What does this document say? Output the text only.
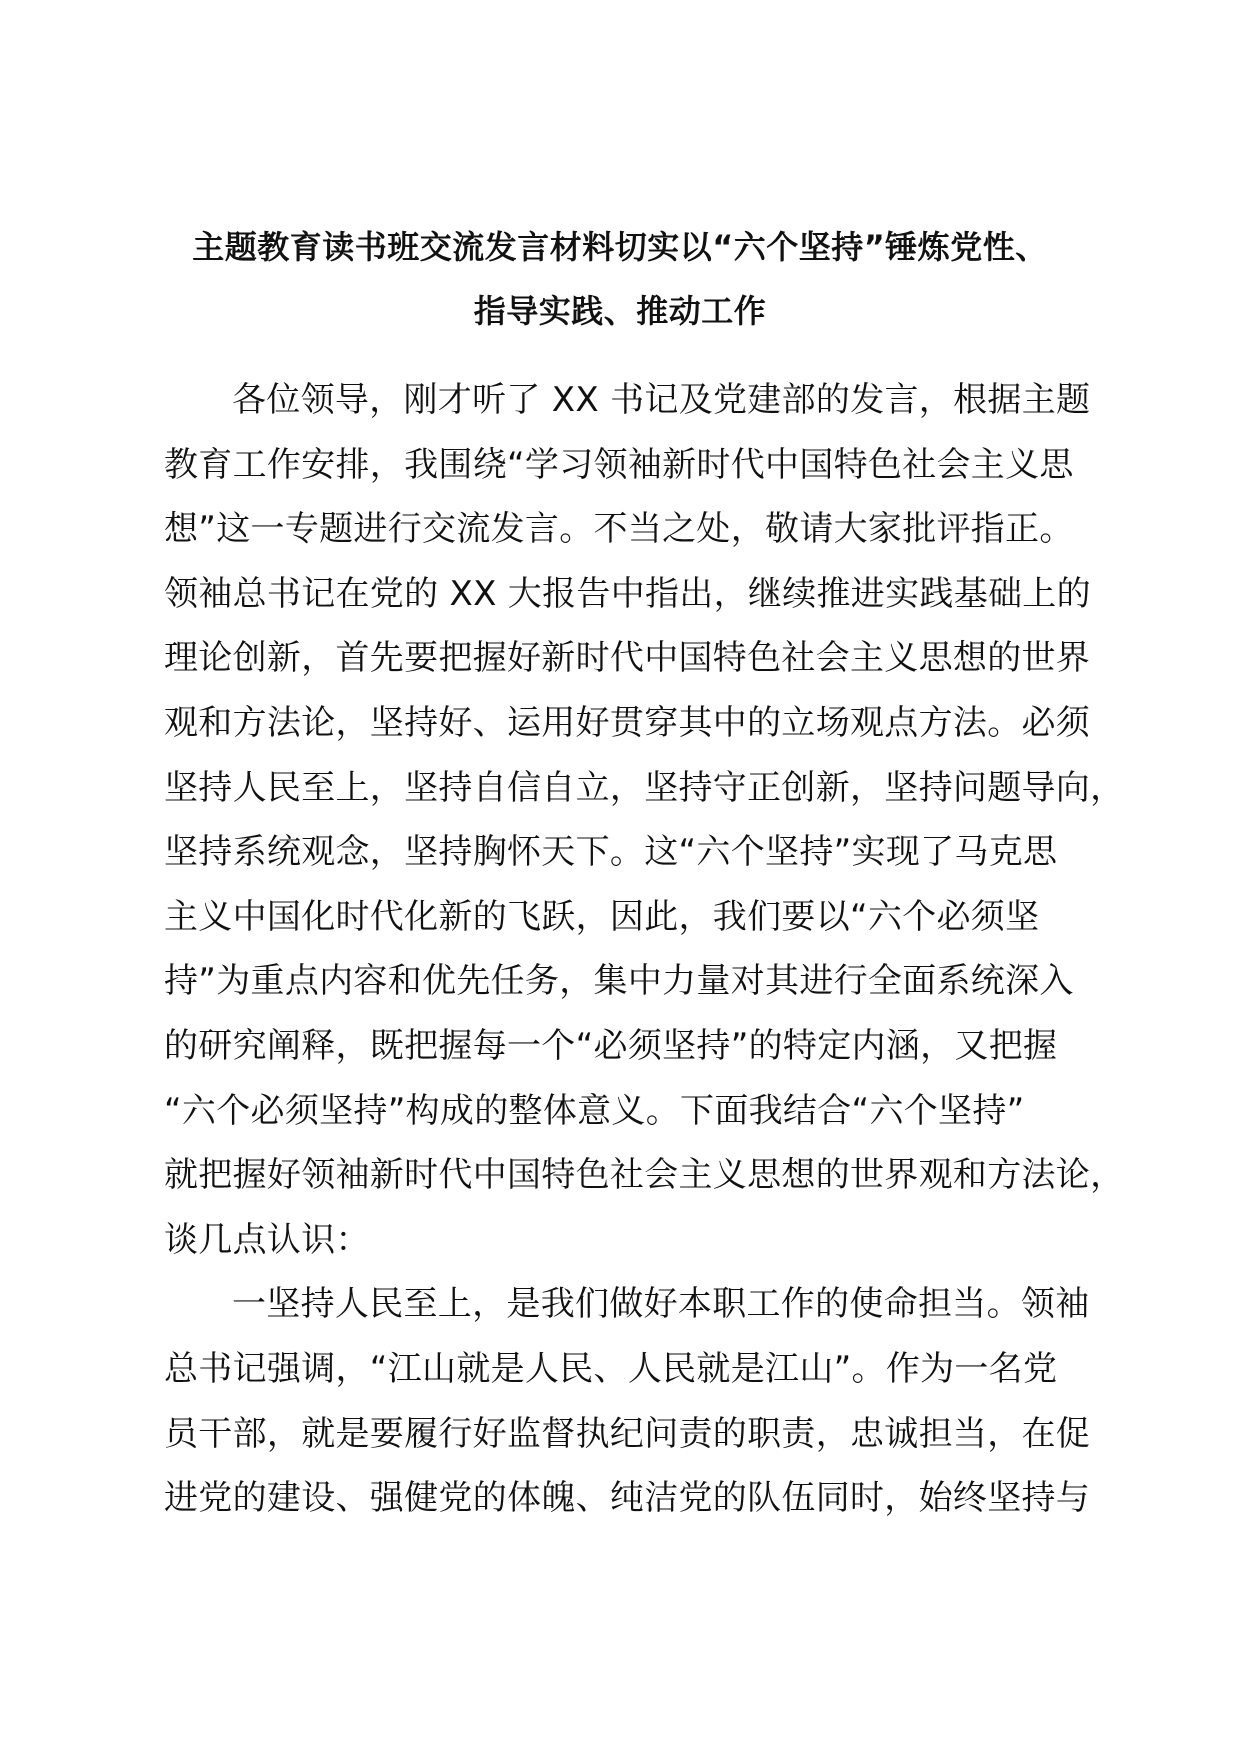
主题教育读书班交流发言材料切实以“六个坚持”锤炼党性、
指导实践、推动工作
各位领导，刚才听了 XX 书记及党建部的发言，根据主题
教育工作安排，我围绕“学习领袖新时代中国特色社会主义思
想”这一专题进行交流发言。不当之处，敬请大家批评指正。
领袖总书记在党的 XX 大报告中指出，继续推进实践基础上的
理论创新，首先要把握好新时代中国特色社会主义思想的世界
观和方法论，坚持好、运用好贯穿其中的立场观点方法。必须
坚持人民至上，坚持自信自立，坚持守正创新，坚持问题导向，
坚持系统观念，坚持胸怀天下。这“六个坚持”实现了马克思
主义中国化时代化新的飞跃，因此，我们要以“六个必须坚
持”为重点内容和优先任务，集中力量对其进行全面系统深入
的研究阐释，既把握每一个“必须坚持”的特定内涵，又把握
“六个必须坚持”构成的整体意义。下面我结合“六个坚持”
就把握好领袖新时代中国特色社会主义思想的世界观和方法论，
谈几点认识：
一坚持人民至上，是我们做好本职工作的使命担当。领袖
总书记强调，“江山就是人民、人民就是江山”。作为一名党
员干部，就是要履行好监督执纪问责的职责，忠诚担当，在促
进党的建设、强健党的体魄、纯洁党的队伍同时，始终坚持与
